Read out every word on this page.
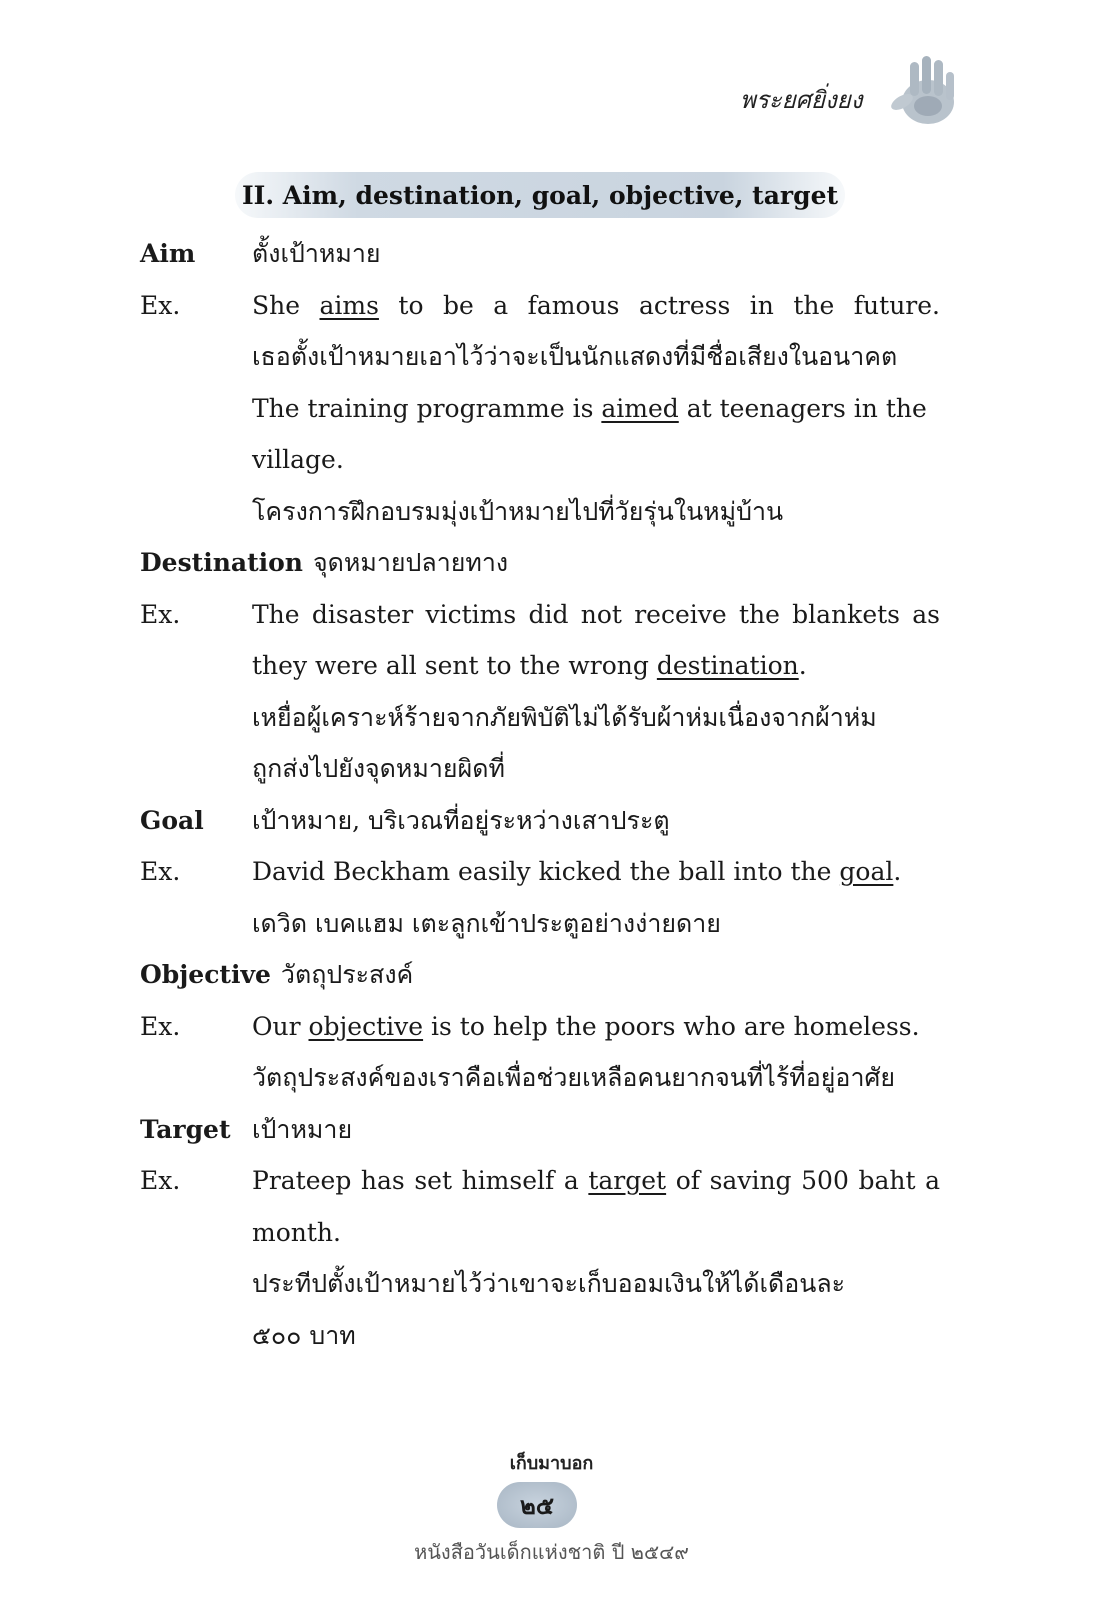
พระยศยิ่งยง
II. Aim, destination, goal, objective, target
Aim	ตั้งเป้าหมาย
Ex.	She aims to be a famous actress in the future.
เธอตั้งเป้าหมายเอาไว้ว่าจะเป็นนักแสดงที่มีชื่อเสียงในอนาคต
The training programme is aimed at teenagers in the village.
โครงการฝึกอบรมมุ่งเป้าหมายไปที่วัยรุ่นในหมู่บ้าน
Destination จุดหมายปลายทาง
Ex.	The disaster victims did not receive the blankets as
they were all sent to the wrong destination.
เหยื่อผู้เคราะห์ร้ายจากภัยพิบัติไม่ได้รับผ้าห่มเนื่องจากผ้าห่ม
ถูกส่งไปยังจุดหมายผิดที่
Goal	เป้าหมาย, บริเวณที่อยู่ระหว่างเสาประตู
Ex.	David Beckham easily kicked the ball into the goal.
เดวิด เบคแฮม เตะลูกเข้าประตูอย่างง่ายดาย
Objective วัตถุประสงค์
Ex.	Our objective is to help the poors who are homeless.
วัตถุประสงค์ของเราคือเพื่อช่วยเหลือคนยากจนที่ไร้ที่อยู่อาศัย
Target เป้าหมาย
Ex.	Prateep has set himself a target of saving 500 baht a
month.
ประทีปตั้งเป้าหมายไว้ว่าเขาจะเก็บออมเงินให้ได้เดือนละ
๕๐๐ บาท
เก็บมาบอก
๒๕
หนังสือวันเด็กแห่งชาติ ปี ๒๕๔๙
